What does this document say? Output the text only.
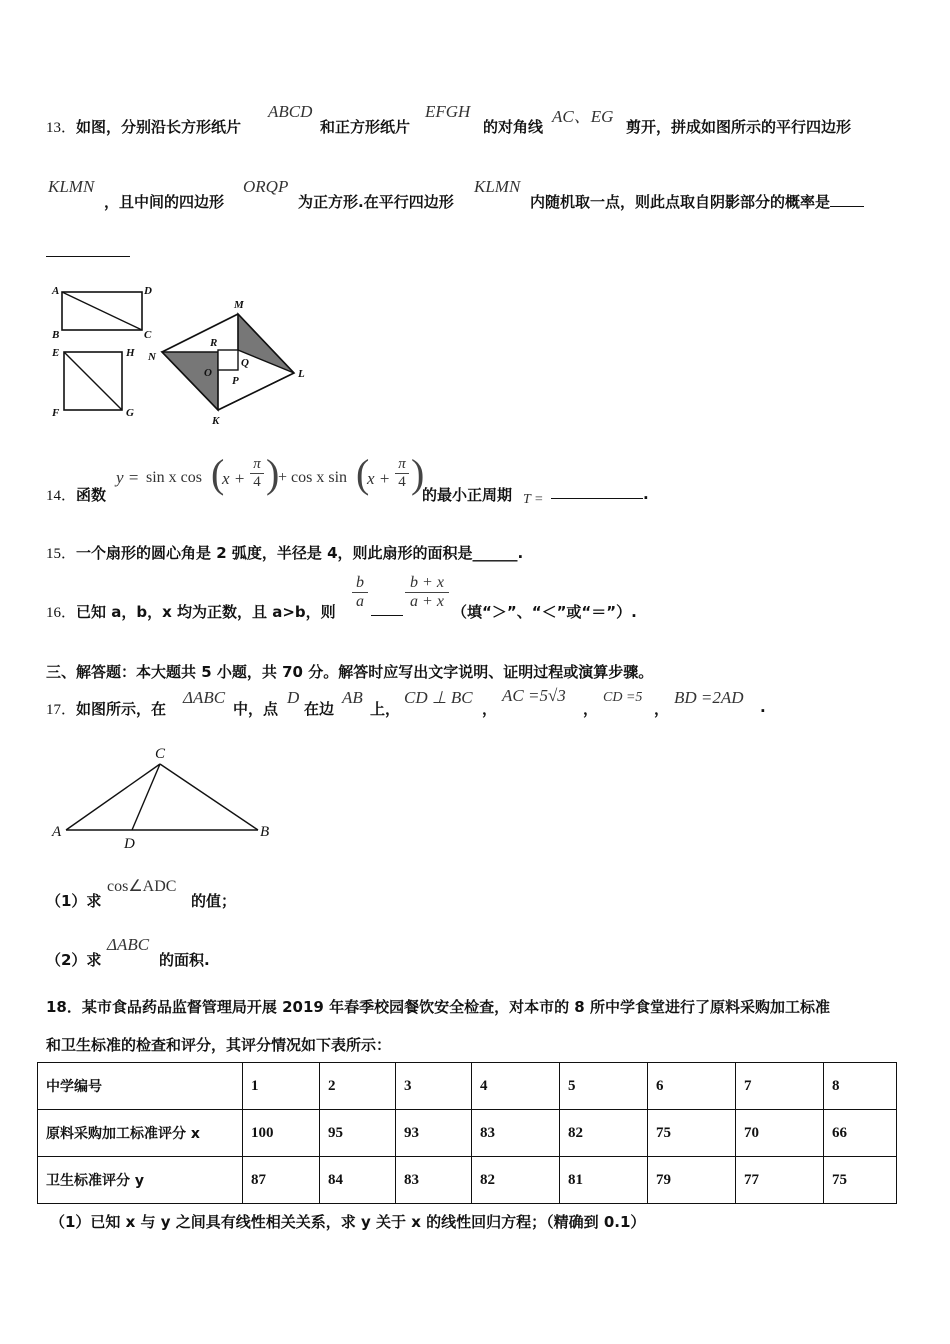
13．如图，分别沿长方形纸片
ABCD
和正方形纸片
EFGH
的对角线
AC、EG
剪开，拼成如图所示的平行四边形
KLMN
，且中间的四边形
ORQP
为正方形.在平行四边形
KLMN
内随机取一点，则此点取自阴影部分的概率是
A	D
B	C
E	H
F	G
M
N
L
K
R
Q
O
P
14．函数
y = sin x cos (
x +
π
4 )
+ cos x sin (
x +
π
4 )
的最小正周期 T =	.
15．一个扇形的圆心角是 2 弧度，半径是 4，则此扇形的面积是______.
16．已知 a，b，x 均为正数，且 a>b，则
b
a
b + x
a + x
（填“＞”、“＜”或“＝”）.
三、解答题：本大题共 5 小题，共 70 分。解答时应写出文字说明、证明过程或演算步骤。
17．如图所示，在
ΔABC
中，点
D
在边
AB
上，
CD ⊥ BC
，
AC =5√3
，
CD =5
，
BD =2AD .
C
A
D
B
（1）求
cos∠ADC
的值；
（2）求
ΔABC
的面积.
18．某市食品药品监督管理局开展 2019 年春季校园餐饮安全检查，对本市的 8 所中学食堂进行了原料采购加工标准
和卫生标准的检查和评分，其评分情况如下表所示：
中学编号	1	2	3	4	5	6	7	8
原料采购加工标准评分 x	100	95	93	83	82	75	70	66
卫生标准评分 y	87	84	83	82	81	79	77	75
（1）已知 x 与 y 之间具有线性相关关系，求 y 关于 x 的线性回归方程；（精确到 0.1）
